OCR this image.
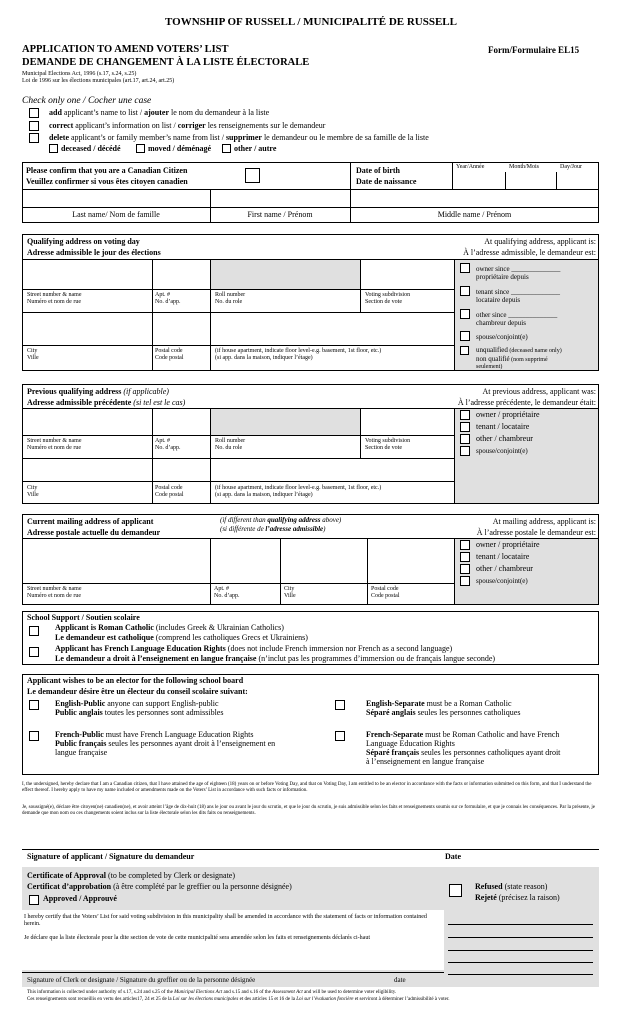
TOWNSHIP OF RUSSELL / MUNICIPALITÉ DE RUSSELL
APPLICATION TO AMEND VOTERS’ LIST
DEMANDE DE CHANGEMENT À LA LISTE ÉLECTORALE
Form/Formulaire EL15
Municipal Elections Act, 1996 (s.17, s.24, s.25)
Loi de 1996 sur les élections municipales (art.17, art.24, art.25)
Check only one / Cocher une case
add applicant’s name to list / ajouter le nom du demandeur à la liste
correct applicant’s information on list / corriger les renseignements sur le demandeur
delete applicant’s or family member’s name from list / supprimer le demandeur ou le membre de sa famille de la liste
deceased / décédé	moved / déménagé	other / autre
Please confirm that you are a Canadian Citizen
Veuillez confirmer si vous êtes citoyen canadien
Date of birth
Date de naissance
Year/Année	Month/Mois	Day/Jour
Last name/ Nom de famille	First name / Prénom	Middle name / Prénom
Qualifying address on voting day
Adresse admissible le jour des élections
At qualifying address, applicant is:
À l’adresse admissible, le demandeur est:
Street number & name
Numéro et nom de rue
Apt. #
No. d’app.
Roll number
No. du role
Voting subdivision
Section de vote
City
Ville
Postal code
Code postal
(if house apartment, indicate floor level-e.g. basement, 1st floor, etc.)
(si app. dans la maison, indiquer l’étage)
owner since ______________
propriétaire depuis
tenant since ______________
locataire depuis
other since ______________
chambreur depuis
spouse/conjoint(e)
unqualified (deceased name only)
non qualifié (nom supprimé
seulement)
Previous qualifying address (if applicable)
Adresse admissible précédente (si tel est le cas)
At previous address, applicant was:
À l’adresse précédente, le demandeur était:
Street number & name
Numéro et nom de rue
Apt. #
No. d’app.
Roll number
No. du role
Voting subdivision
Section de vote
City
Ville
Postal code
Code postal
(if house apartment, indicate floor level-e.g. basement, 1st floor, etc.)
(si app. dans la maison, indiquer l’étage)
owner / propriétaire
tenant / locataire
other / chambreur
spouse/conjoint(e)
Current mailing address of applicant
Adresse postale actuelle du demandeur
(if different than qualifying address above)
(si différente de l’adresse admissible)
At mailing address, applicant is:
À l’adresse postale le demandeur est:
Street number & name
Numéro et nom de rue
Apt. #
No. d’app.
City
Ville
Postal code
Code postal
owner / propriétaire
tenant / locataire
other / chambreur
spouse/conjoint(e)
School Support / Soutien scolaire
Applicant is Roman Catholic (includes Greek & Ukrainian Catholics)
Le demandeur est catholique (comprend les catholiques Grecs et Ukrainiens)
Applicant has French Language Education Rights (does not include French immersion nor French as a second language)
Le demandeur a droit à l’enseignement en langue française (n’inclut pas les programmes d’immersion ou de français langue seconde)
Applicant wishes to be an elector for the following school board
Le demandeur désire être un électeur du conseil scolaire suivant:
English-Public anyone can support English-public
Public anglais toutes les personnes sont admissibles
English-Separate must be a Roman Catholic
Séparé anglais seules les personnes catholiques
French-Public must have French Language Education Rights
Public français seules les personnes ayant droit à l’enseignement en
langue française
French-Separate must be Roman Catholic and have French
Language Education Rights
Séparé français seules les personnes catholiques ayant droit
à l’enseignement en langue française
I, the undersigned, hereby declare that I am a Canadian citizen, that I have attained the age of eighteen (18) years on or before Voting Day, and that on Voting Day, I am entitled to be an elector in accordance with the facts or information submitted on this form, and that I understand the effect thereof. I hereby apply to have my name included or amendments made on the Voters’ List in accordance with such facts or information.
Je, soussigné(e), déclare être citoyen(ne) canadien(ne), et avoir atteint l’âge de dix-huit (18) ans le jour ou avant le jour du scrutin, et que le jour du scrutin, je suis admissible selon les faits et renseignements soumis sur ce formulaire, et que je connais les conséquences. Par la présente, je demande que mon nom ou ces changements soient inclus sur la liste électorale selon les dits faits ou renseignements.
Signature of applicant / Signature du demandeur	Date
Certificate of Approval (to be completed by Clerk or designate)
Certificat d’approbation (à être complété par le greffier ou la personne désignée)
Approved / Approuvé
Refused (state reason)
Rejeté (précisez la raison)
I hereby certify that the Voters’ List for said voting subdivision in this municipality shall be amended in accordance with the statement of facts or information contained herein.
Je déclare que la liste électorale pour la dite section de vote de cette municipalité sera amendée selon les faits et renseignements déclarés ci-haut
Signature of Clerk or designate / Signature du greffier ou de la personne désignée	date
This information is collected under authority of s.17, s.24 and s.25 of the Municipal Elections Act and s.15 and s.16 of the Assessment Act and will be used to determine voter eligibility.
Ces renseignements sont recueillis en vertu des articles17, 24 et 25 de la Loi sur les élections municipales et des articles 15 et 16 de la Loi sur l’évaluation foncière et serviront à déterminer l’admissibilité à voter.
